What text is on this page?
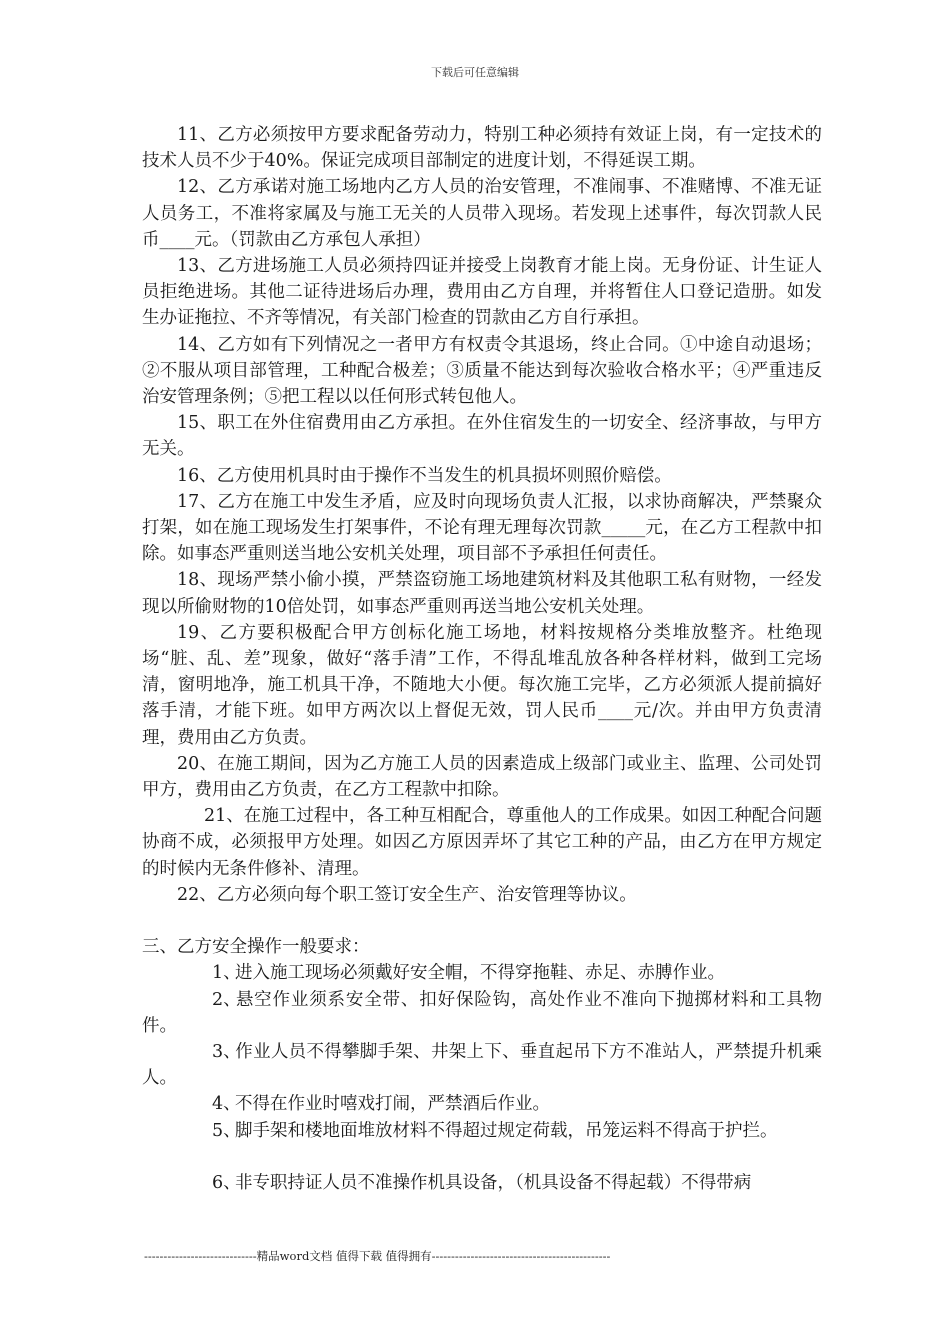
下载后可任意编辑

11、乙方必须按甲方要求配备劳动力，特别工种必须持有效证上岗，有一定技术的技术人员不少于40%。保证完成项目部制定的进度计划，不得延误工期。

12、乙方承诺对施工场地内乙方人员的治安管理，不准闹事、不准赌博、不准无证人员务工，不准将家属及与施工无关的人员带入现场。若发现上述事件，每次罚款人民币____元。（罚款由乙方承包人承担）

13、乙方进场施工人员必须持四证并接受上岗教育才能上岗。无身份证、计生证人员拒绝进场。其他二证待进场后办理，费用由乙方自理，并将暂住人口登记造册。如发生办证拖拉、不齐等情况，有关部门检查的罚款由乙方自行承担。

14、乙方如有下列情况之一者甲方有权责令其退场，终止合同。①中途自动退场；②不服从项目部管理，工种配合极差；③质量不能达到每次验收合格水平；④严重违反治安管理条例；⑤把工程以以任何形式转包他人。

15、职工在外住宿费用由乙方承担。在外住宿发生的一切安全、经济事故，与甲方无关。

16、乙方使用机具时由于操作不当发生的机具损坏则照价赔偿。

17、乙方在施工中发生矛盾，应及时向现场负责人汇报，以求协商解决，严禁聚众打架，如在施工现场发生打架事件，不论有理无理每次罚款_____元，在乙方工程款中扣除。如事态严重则送当地公安机关处理，项目部不予承担任何责任。

18、现场严禁小偷小摸，严禁盗窃施工场地建筑材料及其他职工私有财物，一经发现以所偷财物的10倍处罚，如事态严重则再送当地公安机关处理。

19、乙方要积极配合甲方创标化施工场地，材料按规格分类堆放整齐。杜绝现场“脏、乱、差”现象，做好“落手清”工作，不得乱堆乱放各种各样材料，做到工完场清，窗明地净，施工机具干净，不随地大小便。每次施工完毕，乙方必须派人提前搞好落手清，才能下班。如甲方两次以上督促无效，罚人民币____元/次。并由甲方负责清理，费用由乙方负责。

20、在施工期间，因为乙方施工人员的因素造成上级部门或业主、监理、公司处罚甲方，费用由乙方负责，在乙方工程款中扣除。

21、在施工过程中，各工种互相配合，尊重他人的工作成果。如因工种配合问题协商不成，必须报甲方处理。如因乙方原因弄坏了其它工种的产品，由乙方在甲方规定的时候内无条件修补、清理。

22、乙方必须向每个职工签订安全生产、治安管理等协议。

三、乙方安全操作一般要求：

1、进入施工现场必须戴好安全帽，不得穿拖鞋、赤足、赤膊作业。

2、悬空作业须系安全带、扣好保险钩，高处作业不准向下抛掷材料和工具物件。

3、作业人员不得攀脚手架、井架上下、垂直起吊下方不准站人，严禁提升机乘人。

4、不得在作业时嘻戏打闹，严禁酒后作业。

5、脚手架和楼地面堆放材料不得超过规定荷载，吊笼运料不得高于护拦。

6、非专职持证人员不准操作机具设备，（机具设备不得起载）不得带病

-----------------------------精品word文档 值得下载 值得拥有----------------------------------------------
